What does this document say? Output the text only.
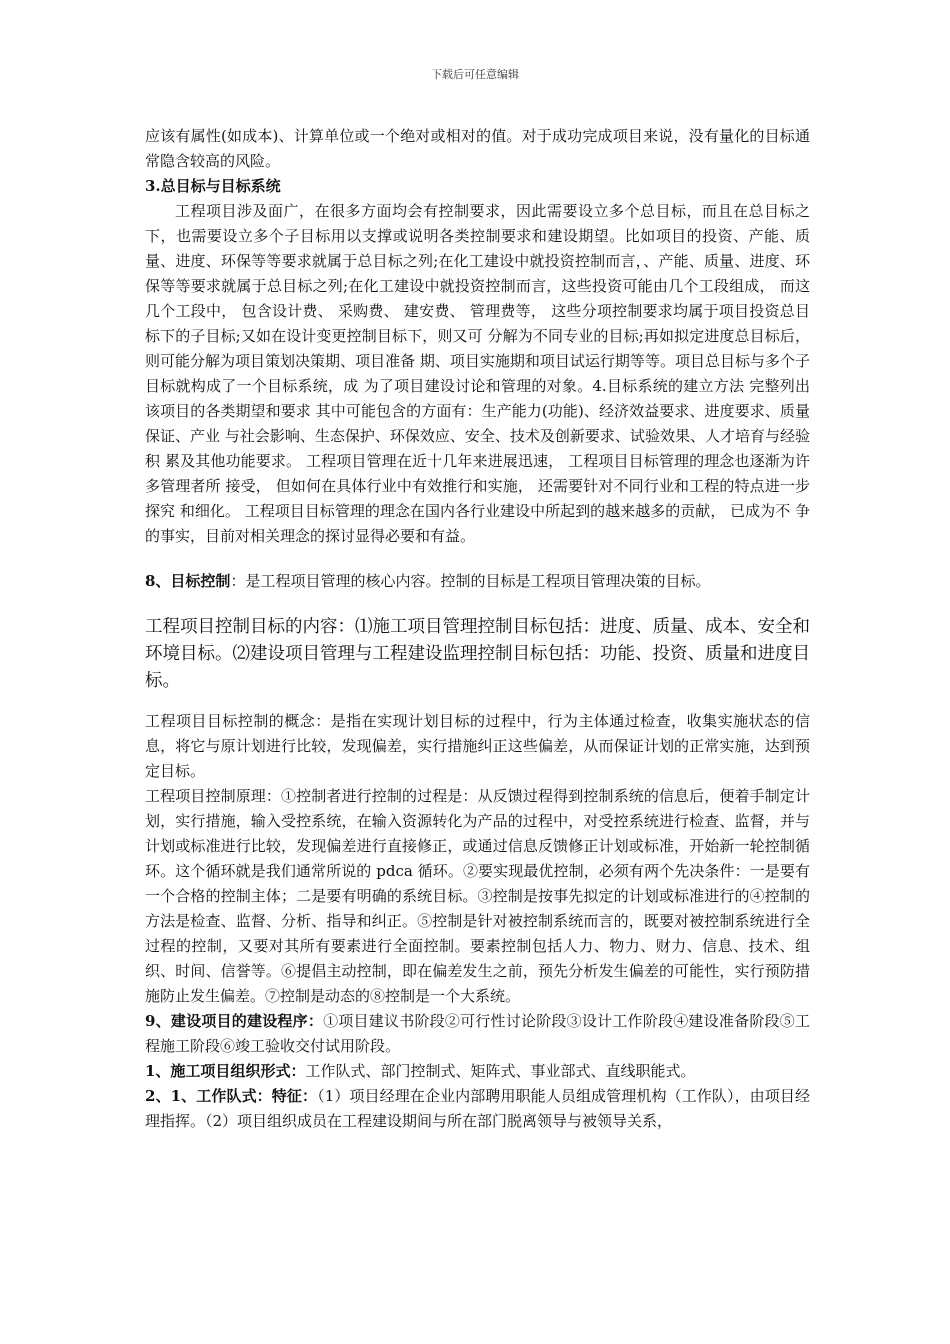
下载后可任意编辑

应该有属性(如成本)、计算单位或一个绝对或相对的值。对于成功完成项目来说，没有量化的目标通常隐含较高的风险。

3.总目标与目标系统

工程项目涉及面广，在很多方面均会有控制要求，因此需要设立多个总目标，而且在总目标之下，也需要设立多个子目标用以支撑或说明各类控制要求和建设期望。比如项目的投资、产能、质量、进度、环保等等要求就属于总目标之列;在化工建设中就投资控制而言，、产能、质量、进度、环保等等要求就属于总目标之列;在化工建设中就投资控制而言，这些投资可能由几个工段组成， 而这几个工段中， 包含设计费、 采购费、 建安费、 管理费等， 这些分项控制要求均属于项目投资总目标下的子目标;又如在设计变更控制目标下，则又可 分解为不同专业的目标;再如拟定进度总目标后，则可能分解为项目策划决策期、项目准备 期、项目实施期和项目试运行期等等。项目总目标与多个子目标就构成了一个目标系统，成 为了项目建设讨论和管理的对象。4.目标系统的建立方法 完整列出该项目的各类期望和要求 其中可能包含的方面有：生产能力(功能)、经济效益要求、进度要求、质量保证、产业 与社会影响、生态保护、环保效应、安全、技术及创新要求、试验效果、人才培育与经验积 累及其他功能要求。 工程项目管理在近十几年来进展迅速， 工程项目目标管理的理念也逐渐为许多管理者所 接受， 但如何在具体行业中有效推行和实施， 还需要针对不同行业和工程的特点进一步探究 和细化。 工程项目目标管理的理念在国内各行业建设中所起到的越来越多的贡献， 已成为不 争的事实，目前对相关理念的探讨显得必要和有益。

8、目标控制：是工程项目管理的核心内容。控制的目标是工程项目管理决策的目标。

工程项目控制目标的内容：⑴施工项目管理控制目标包括：进度、质量、成本、安全和环境目标。⑵建设项目管理与工程建设监理控制目标包括：功能、投资、质量和进度目标。

工程项目目标控制的概念：是指在实现计划目标的过程中，行为主体通过检查，收集实施状态的信息，将它与原计划进行比较，发现偏差，实行措施纠正这些偏差，从而保证计划的正常实施，达到预定目标。

工程项目控制原理：①控制者进行控制的过程是：从反馈过程得到控制系统的信息后，便着手制定计划，实行措施，输入受控系统，在输入资源转化为产品的过程中，对受控系统进行检查、监督，并与计划或标准进行比较，发现偏差进行直接修正，或通过信息反馈修正计划或标准，开始新一轮控制循环。这个循环就是我们通常所说的 pdca 循环。②要实现最优控制，必须有两个先决条件：一是要有一个合格的控制主体；二是要有明确的系统目标。③控制是按事先拟定的计划或标准进行的④控制的方法是检查、监督、分析、指导和纠正。⑤控制是针对被控制系统而言的，既要对被控制系统进行全过程的控制，又要对其所有要素进行全面控制。要素控制包括人力、物力、财力、信息、技术、组织、时间、信誉等。⑥提倡主动控制，即在偏差发生之前，预先分析发生偏差的可能性，实行预防措施防止发生偏差。⑦控制是动态的⑧控制是一个大系统。

9、建设项目的建设程序：①项目建议书阶段②可行性讨论阶段③设计工作阶段④建设准备阶段⑤工程施工阶段⑥竣工验收交付试用阶段。

1、施工项目组织形式：工作队式、部门控制式、矩阵式、事业部式、直线职能式。

2、1、工作队式：特征：（1）项目经理在企业内部聘用职能人员组成管理机构（工作队），由项目经理指挥。（2）项目组织成员在工程建设期间与所在部门脱离领导与被领导关系，
